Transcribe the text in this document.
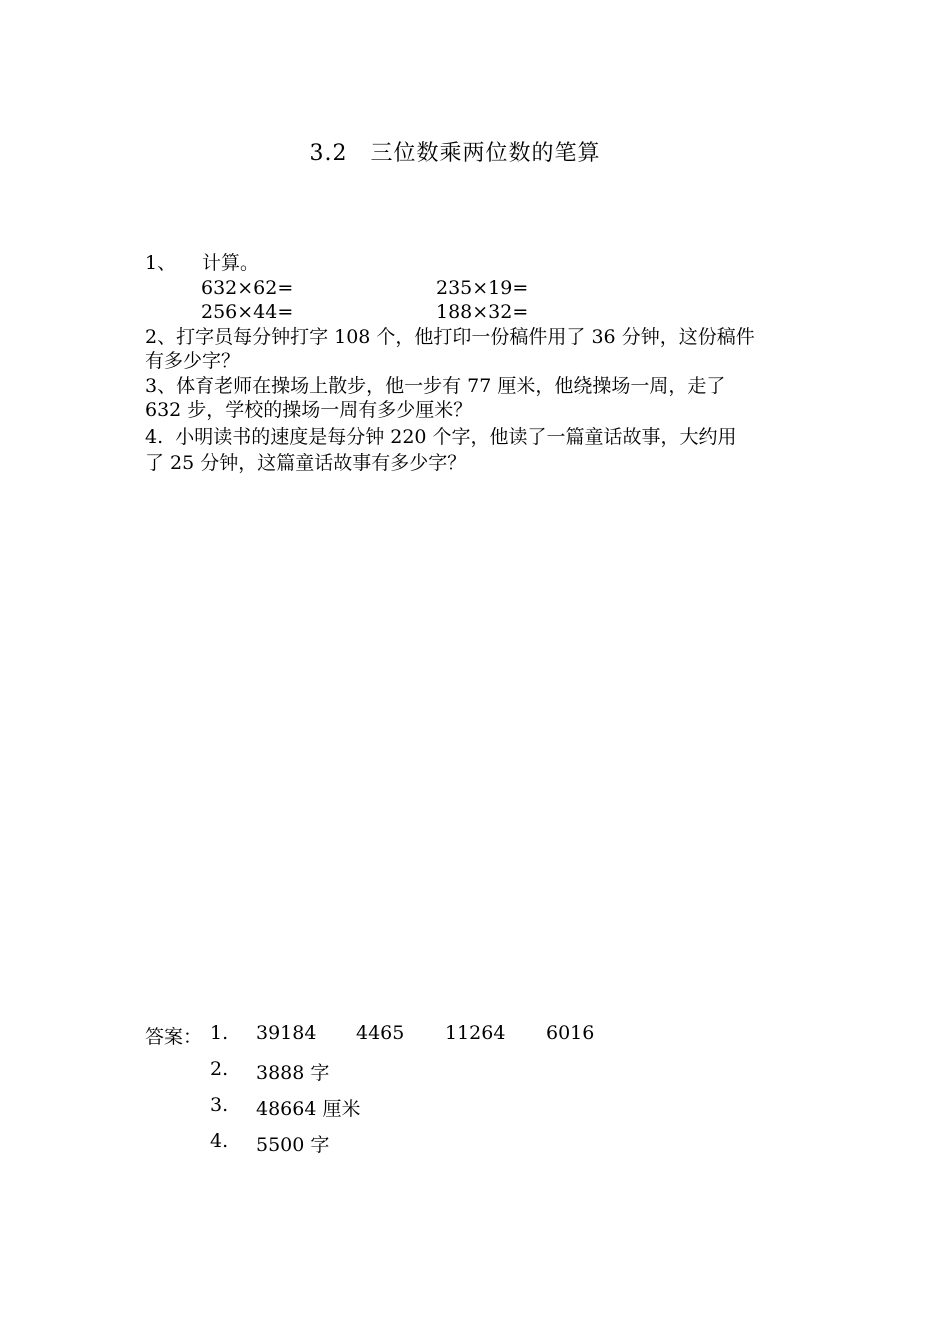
3.2　三位数乘两位数的笔算
1、 计算。
632×62=	235×19=
256×44=	188×32=
2、打字员每分钟打字 108 个，他打印一份稿件用了 36 分钟，这份稿件
有多少字？
3、体育老师在操场上散步，他一步有 77 厘米，他绕操场一周，走了
632 步，学校的操场一周有多少厘米？
4.  小明读书的速度是每分钟 220 个字，他读了一篇童话故事，大约用
了 25 分钟，这篇童话故事有多少字？
答案： 1. 39184 4465 11264 6016
2. 3888 字
3. 48664 厘米
4. 5500 字
